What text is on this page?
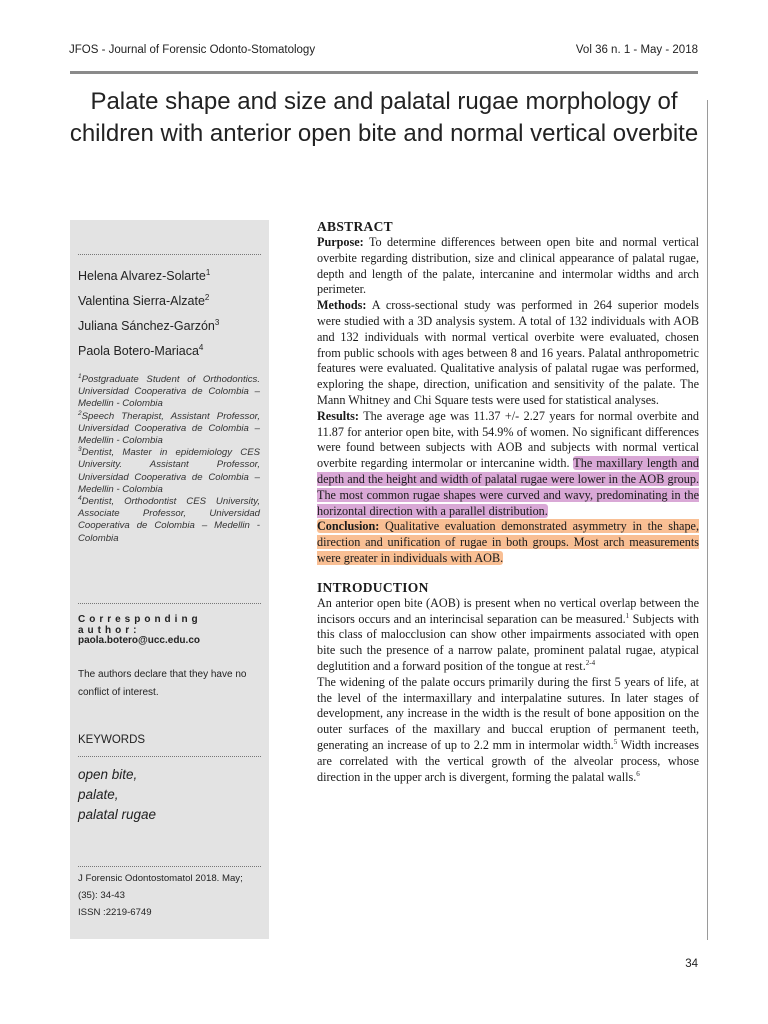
JFOS - Journal of Forensic Odonto-Stomatology	Vol 36 n. 1 - May - 2018
Palate shape and size and palatal rugae morphology of children with anterior open bite and normal vertical overbite
Helena Alvarez-Solarte$^1$
Valentina Sierra-Alzate$^2$
Juliana Sánchez-Garzón$^3$
Paola Botero-Mariaca$^4$

$^1$Postgraduate Student of Orthodontics. Universidad Cooperativa de Colombia – Medellin - Colombia

$^2$Speech Therapist, Assistant Professor, Universidad Cooperativa de Colombia – Medellin - Colombia

$^3$Dentist, Master in epidemiology CES University. Assistant Professor, Universidad Cooperativa de Colombia – Medellin - Colombia

$^4$Dentist, Orthodontist CES University, Associate Professor, Universidad Cooperativa de Colombia – Medellin - Colombia

Corresponding author:
paola.botero@ucc.edu.co
The authors declare that they have no conflict of interest.
KEYWORDS
open bite,
palate,
palatal rugae
J Forensic Odontostomatol 2018. May;
(35): 34-43
ISSN :2219-6749
ABSTRACT

Purpose: To determine differences between open bite and normal vertical overbite regarding distribution, size and clinical appearance of palatal rugae, depth and length of the palate, intercanine and intermolar widths and arch perimeter.

Methods: A cross-sectional study was performed in 264 superior models were studied with a 3D analysis system. A total of 132 individuals with AOB and 132 individuals with normal vertical overbite were evaluated, chosen from public schools with ages between 8 and 16 years. Palatal anthropometric features were evaluated. Qualitative analysis of palatal rugae was performed, exploring the shape, direction, unification and sensitivity of the palate. The Mann Whitney and Chi Square tests were used for statistical analyses.

Results: The average age was 11.37 +/- 2.27 years for normal overbite and 11.87 for anterior open bite, with 54.9% of women. No significant differences were found between subjects with AOB and subjects with normal vertical overbite regarding intermolar or intercanine width. The maxillary length and depth and the height and width of palatal rugae were lower in the AOB group. The most common rugae shapes were curved and wavy, predominating in the horizontal direction with a parallel distribution.

Conclusion: Qualitative evaluation demonstrated asymmetry in the shape, direction and unification of rugae in both groups. Most arch measurements were greater in individuals with AOB.

INTRODUCTION

An anterior open bite (AOB) is present when no vertical overlap between the incisors occurs and an interincisal separation can be measured.$^1$ Subjects with this class of malocclusion can show other impairments associated with open bite such the presence of a narrow palate, prominent palatal rugae, atypical deglutition and a forward position of the tongue at rest.$^{2-4}$

The widening of the palate occurs primarily during the first 5 years of life, at the level of the intermaxillary and interpalatine sutures. In later stages of development, any increase in the width is the result of bone apposition on the outer surfaces of the maxillary and buccal eruption of permanent teeth, generating an increase of up to 2.2 mm in intermolar width.$^5$ Width increases are correlated with the vertical growth of the alveolar process, whose direction in the upper arch is divergent, forming the palatal walls.$^6$

34
